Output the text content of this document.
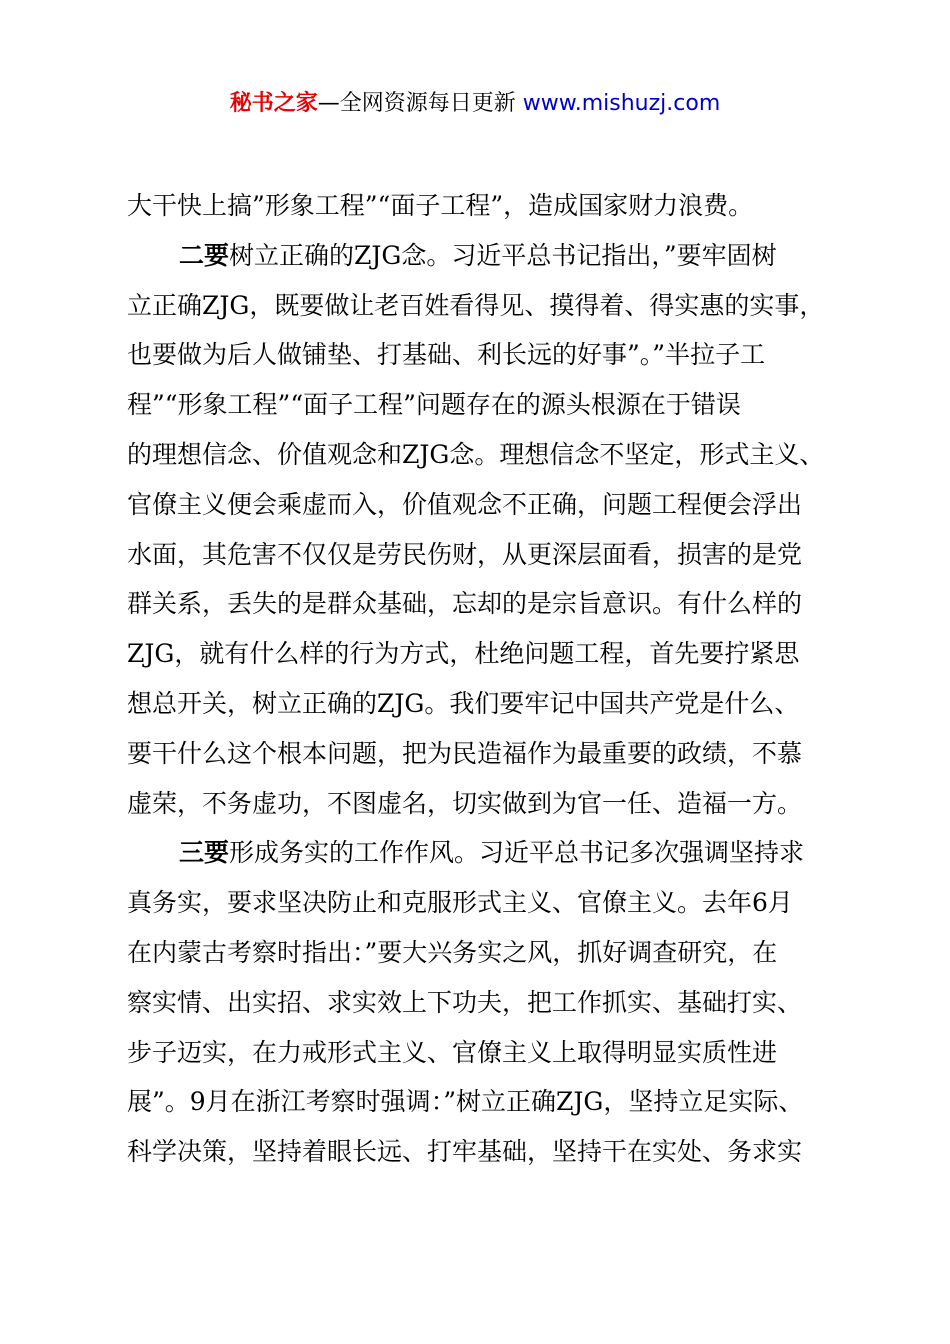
秘书之家—全网资源每日更新 www.mishuzj.com
大干快上搞”形象工程”“面子工程”，造成国家财力浪费。
二要树立正确的ZJG念。习近平总书记指出，”要牢固树
立正确ZJG，既要做让老百姓看得见、摸得着、得实惠的实事，
也要做为后人做铺垫、打基础、利长远的好事”。”半拉子工
程”“形象工程”“面子工程”问题存在的源头根源在于错误
的理想信念、价值观念和ZJG念。理想信念不坚定，形式主义、
官僚主义便会乘虚而入，价值观念不正确，问题工程便会浮出
水面，其危害不仅仅是劳民伤财，从更深层面看，损害的是党
群关系，丢失的是群众基础，忘却的是宗旨意识。有什么样的
ZJG，就有什么样的行为方式，杜绝问题工程，首先要拧紧思
想总开关，树立正确的ZJG。我们要牢记中国共产党是什么、
要干什么这个根本问题，把为民造福作为最重要的政绩，不慕
虚荣，不务虚功，不图虚名，切实做到为官一任、造福一方。
三要形成务实的工作作风。习近平总书记多次强调坚持求
真务实，要求坚决防止和克服形式主义、官僚主义。去年6月
在内蒙古考察时指出：”要大兴务实之风，抓好调查研究，在
察实情、出实招、求实效上下功夫，把工作抓实、基础打实、
步子迈实，在力戒形式主义、官僚主义上取得明显实质性进
展”。9月在浙江考察时强调：”树立正确ZJG，坚持立足实际、
科学决策，坚持着眼长远、打牢基础，坚持干在实处、务求实
